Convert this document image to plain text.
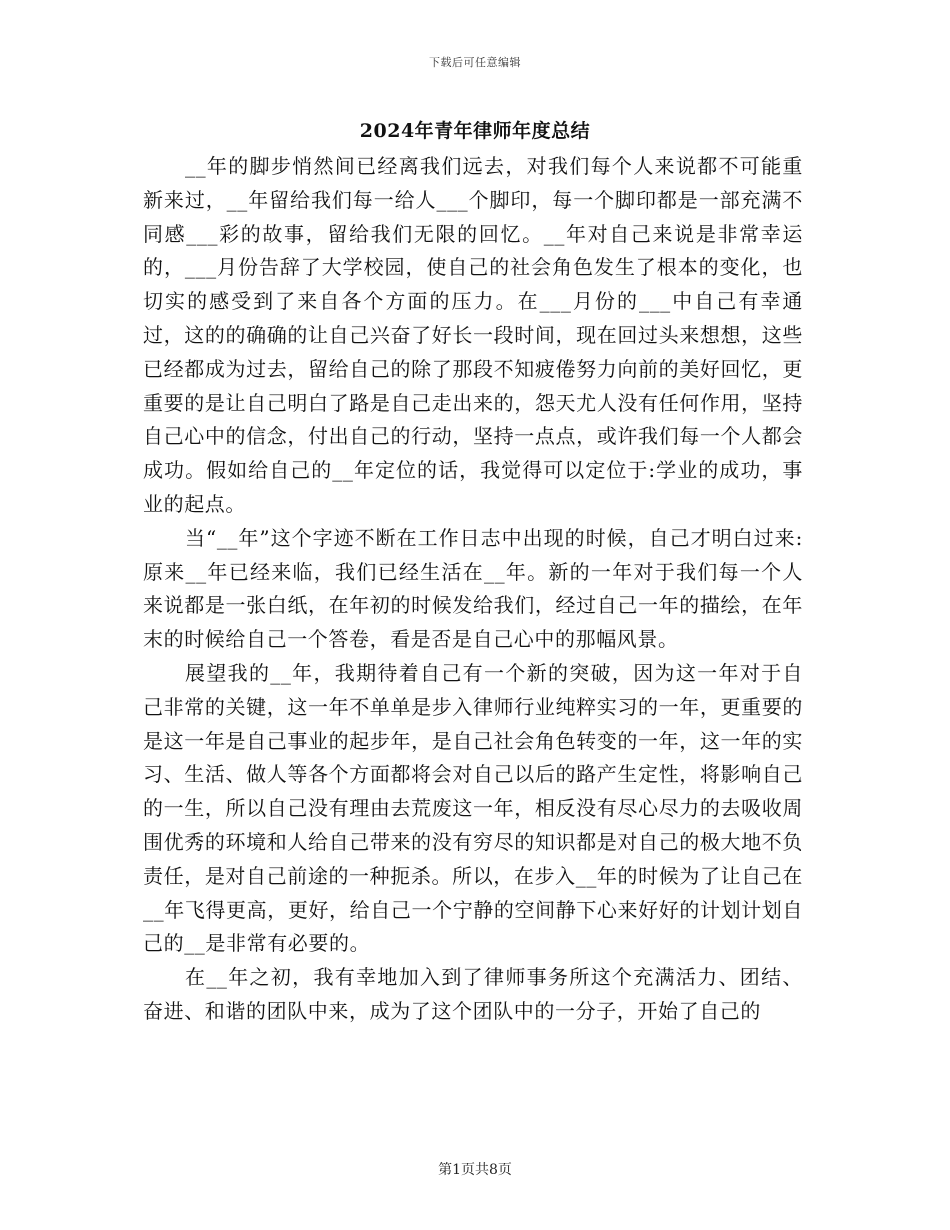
下载后可任意编辑
2024年青年律师年度总结

__年的脚步悄然间已经离我们远去，对我们每个人来说都不可能重新来过，__年留给我们每一给人___个脚印，每一个脚印都是一部充满不同感___彩的故事，留给我们无限的回忆。__年对自己来说是非常幸运的，___月份告辞了大学校园，使自己的社会角色发生了根本的变化，也切实的感受到了来自各个方面的压力。在___月份的___中自己有幸通过，这的的确确的让自己兴奋了好长一段时间，现在回过头来想想，这些已经都成为过去，留给自己的除了那段不知疲倦努力向前的美好回忆，更重要的是让自己明白了路是自己走出来的，怨天尤人没有任何作用，坚持自己心中的信念，付出自己的行动，坚持一点点，或许我们每一个人都会成功。假如给自己的__年定位的话，我觉得可以定位于:学业的成功，事业的起点。

当“__年”这个字迹不断在工作日志中出现的时候，自己才明白过来:原来__年已经来临，我们已经生活在__年。新的一年对于我们每一个人来说都是一张白纸，在年初的时候发给我们，经过自己一年的描绘，在年末的时候给自己一个答卷，看是否是自己心中的那幅风景。

展望我的__年，我期待着自己有一个新的突破，因为这一年对于自己非常的关键，这一年不单单是步入律师行业纯粹实习的一年，更重要的是这一年是自己事业的起步年，是自己社会角色转变的一年，这一年的实习、生活、做人等各个方面都将会对自己以后的路产生定性，将影响自己的一生，所以自己没有理由去荒废这一年，相反没有尽心尽力的去吸收周围优秀的环境和人给自己带来的没有穷尽的知识都是对自己的极大地不负责任，是对自己前途的一种扼杀。所以，在步入__年的时候为了让自己在__年飞得更高，更好，给自己一个宁静的空间静下心来好好的计划计划自己的__是非常有必要的。

在__年之初，我有幸地加入到了律师事务所这个充满活力、团结、奋进、和谐的团队中来，成为了这个团队中的一分子，开始了自己的

第1页共8页
